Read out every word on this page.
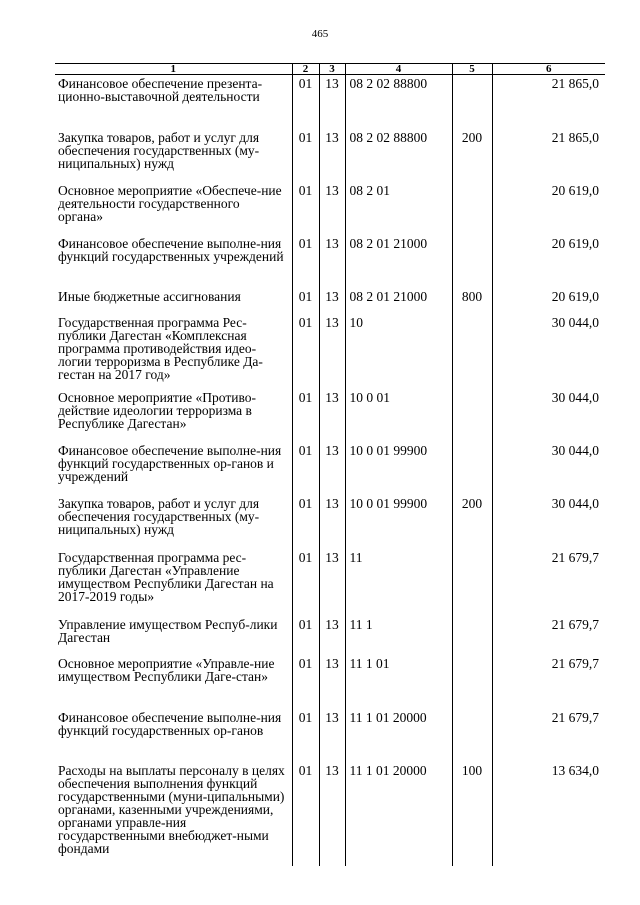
465
1	2	3	4	5	6
Финансовое обеспечение презента-ционно-выставочной деятельности	01	13	08 2 02 88800		21 865,0
Закупка товаров, работ и услуг для обеспечения государственных (му-ниципальных) нужд	01	13	08 2 02 88800	200	21 865,0
Основное мероприятие «Обеспече-ние деятельности государственного органа»	01	13	08 2 01		20 619,0
Финансовое обеспечение выполне-ния функций государственных учреждений	01	13	08 2 01 21000		20 619,0
Иные бюджетные ассигнования	01	13	08 2 01 21000	800	20 619,0
Государственная программа Рес-публики Дагестан «Комплексная программа противодействия идео-логии терроризма в Республике Да-гестан на 2017 год»	01	13	10		30 044,0
Основное мероприятие «Противо-действие идеологии терроризма в Республике Дагестан»	01	13	10 0 01		30 044,0
Финансовое обеспечение выполне-ния функций государственных ор-ганов и учреждений	01	13	10 0 01 99900		30 044,0
Закупка товаров, работ и услуг для обеспечения государственных (му-ниципальных) нужд	01	13	10 0 01 99900	200	30 044,0
Государственная программа рес-публики Дагестан «Управление имуществом Республики Дагестан на 2017-2019 годы»	01	13	11		21 679,7
Управление имуществом Респуб-лики Дагестан	01	13	11 1		21 679,7
Основное мероприятие «Управле-ние имуществом Республики Даге-стан»	01	13	11 1 01		21 679,7
Финансовое обеспечение выполне-ния функций государственных ор-ганов	01	13	11 1 01 20000		21 679,7
Расходы на выплаты персоналу в целях обеспечения выполнения функций государственными (муни-ципальными) органами, казенными учреждениями, органами управле-ния государственными внебюджет-ными фондами	01	13	11 1 01 20000	100	13 634,0
